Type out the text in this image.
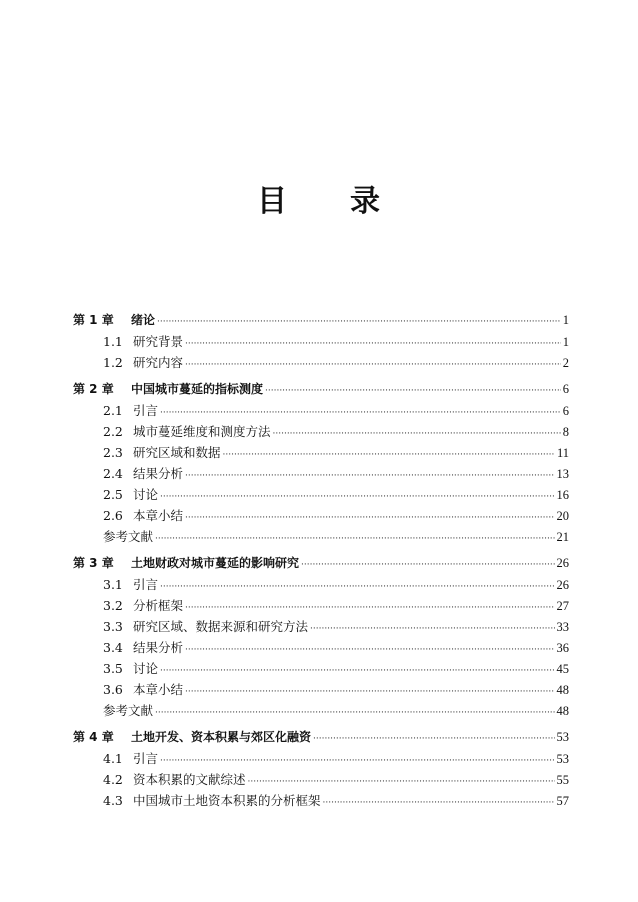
目 录
第 1 章	绪论 ·····	1
1.1 研究背景 ·····	1
1.2 研究内容 ·····	2
第 2 章	中国城市蔓延的指标测度 ·····	6
2.1 引言 ·····	6
2.2 城市蔓延维度和测度方法 ·····	8
2.3 研究区域和数据 ·····	11
2.4 结果分析 ·····	13
2.5 讨论 ·····	16
2.6 本章小结 ·····	20
参考文献 ·····	21
第 3 章	土地财政对城市蔓延的影响研究 ·····	26
3.1 引言 ·····	26
3.2 分析框架 ·····	27
3.3 研究区域、数据来源和研究方法 ·····	33
3.4 结果分析 ·····	36
3.5 讨论 ·····	45
3.6 本章小结 ·····	48
参考文献 ·····	48
第 4 章	土地开发、资本积累与郊区化融资 ·····	53
4.1 引言 ·····	53
4.2 资本积累的文献综述 ·····	55
4.3 中国城市土地资本积累的分析框架 ·····	57
